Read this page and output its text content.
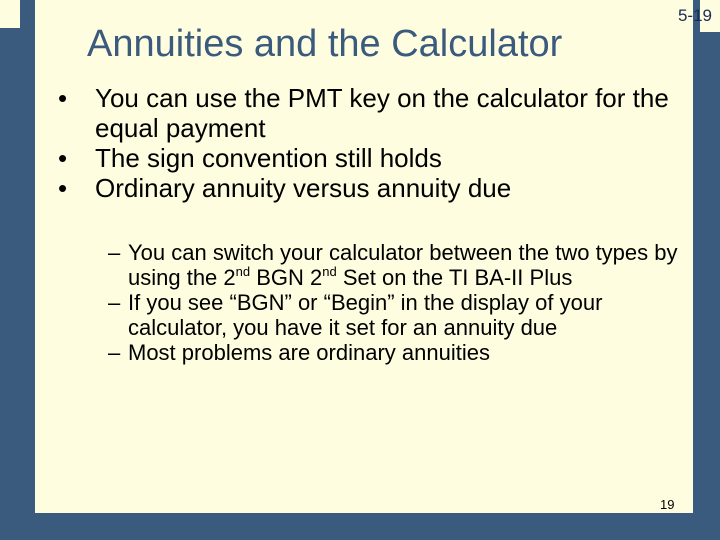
Annuities and the Calculator
• You can use the PMT key on the calculator for the equal payment
• The sign convention still holds
• Ordinary annuity versus annuity due
– You can switch your calculator between the two types by using the 2nd BGN 2nd Set on the TI BA-II Plus
– If you see “BGN” or “Begin” in the display of your calculator, you have it set for an annuity due
– Most problems are ordinary annuities
19
5-19
